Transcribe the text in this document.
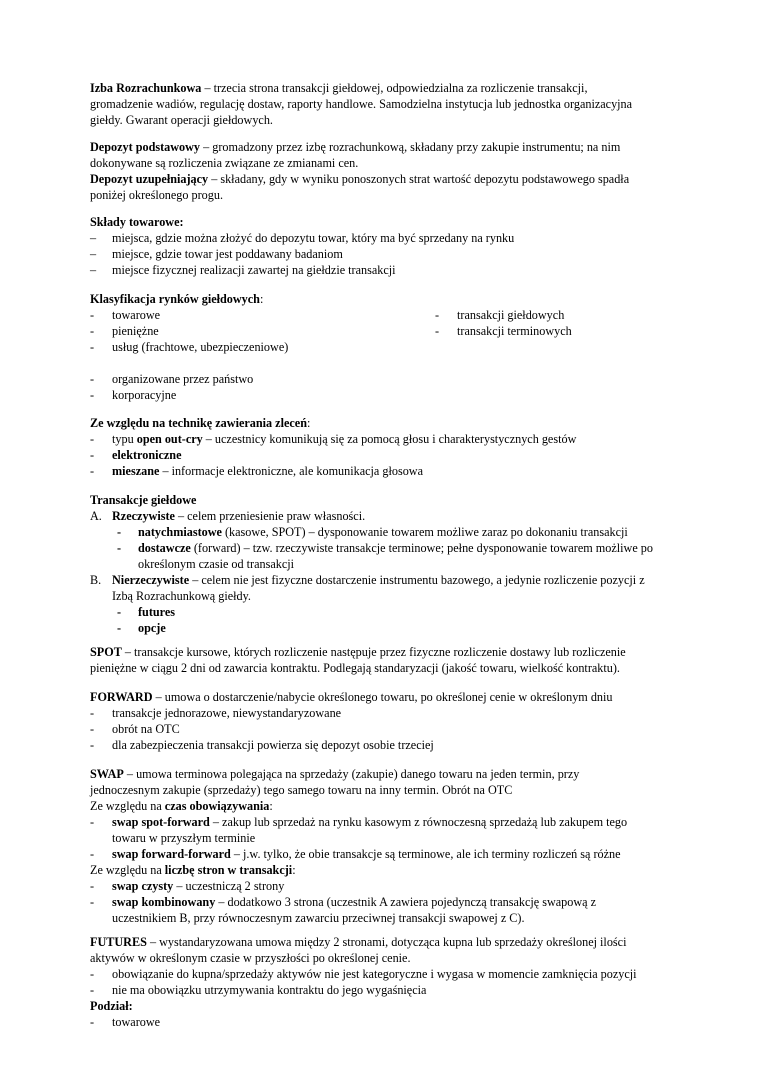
Izba Rozrachunkowa – trzecia strona transakcji giełdowej, odpowiedzialna za rozliczenie transakcji,
gromadzenie wadiów, regulację dostaw, raporty handlowe. Samodzielna instytucja lub jednostka organizacyjna
giełdy. Gwarant operacji giełdowych.
Depozyt podstawowy – gromadzony przez izbę rozrachunkową, składany przy zakupie instrumentu; na nim
dokonywane są rozliczenia związane ze zmianami cen.
Depozyt uzupełniający – składany, gdy w wyniku ponoszonych strat wartość depozytu podstawowego spadła
poniżej określonego progu.
Składy towarowe:
– miejsca, gdzie można złożyć do depozytu towar, który ma być sprzedany na rynku
– miejsce, gdzie towar jest poddawany badaniom
– miejsce fizycznej realizacji zawartej na giełdzie transakcji
Klasyfikacja rynków giełdowych:
- towarowe
- pieniężne
- usług (frachtowe, ubezpieczeniowe)
- organizowane przez państwo
- korporacyjne
- transakcji giełdowych
- transakcji terminowych
Ze względu na technikę zawierania zleceń:
- typu open out-cry – uczestnicy komunikują się za pomocą głosu i charakterystycznych gestów
- elektroniczne
- mieszane – informacje elektroniczne, ale komunikacja głosowa
Transakcje giełdowe
A. Rzeczywiste – celem przeniesienie praw własności.
- natychmiastowe (kasowe, SPOT) – dysponowanie towarem możliwe zaraz po dokonaniu transakcji
- dostawcze (forward) – tzw. rzeczywiste transakcje terminowe; pełne dysponowanie towarem możliwe po
określonym czasie od transakcji
B. Nierzeczywiste – celem nie jest fizyczne dostarczenie instrumentu bazowego, a jedynie rozliczenie pozycji z
Izbą Rozrachunkową giełdy.
- futures
- opcje
SPOT – transakcje kursowe, których rozliczenie następuje przez fizyczne rozliczenie dostawy lub rozliczenie
pieniężne w ciągu 2 dni od zawarcia kontraktu. Podlegają standaryzacji (jakość towaru, wielkość kontraktu).
FORWARD – umowa o dostarczenie/nabycie określonego towaru, po określonej cenie w określonym dniu
- transakcje jednorazowe, niewystandaryzowane
- obrót na OTC
- dla zabezpieczenia transakcji powierza się depozyt osobie trzeciej
SWAP – umowa terminowa polegająca na sprzedaży (zakupie) danego towaru na jeden termin, przy
jednoczesnym zakupie (sprzedaży) tego samego towaru na inny termin. Obrót na OTC
Ze względu na czas obowiązywania:
- swap spot-forward – zakup lub sprzedaż na rynku kasowym z równoczesną sprzedażą lub zakupem tego
towaru w przyszłym terminie
- swap forward-forward – j.w. tylko, że obie transakcje są terminowe, ale ich terminy rozliczeń są różne
Ze względu na liczbę stron w transakcji:
- swap czysty – uczestniczą 2 strony
- swap kombinowany – dodatkowo 3 strona (uczestnik A zawiera pojedynczą transakcję swapową z
uczestnikiem B, przy równoczesnym zawarciu przeciwnej transakcji swapowej z C).
FUTURES – wystandaryzowana umowa między 2 stronami, dotycząca kupna lub sprzedaży określonej ilości
aktywów w określonym czasie w przyszłości po określonej cenie.
- obowiązanie do kupna/sprzedaży aktywów nie jest kategoryczne i wygasa w momencie zamknięcia pozycji
- nie ma obowiązku utrzymywania kontraktu do jego wygaśnięcia
Podział:
- towarowe
